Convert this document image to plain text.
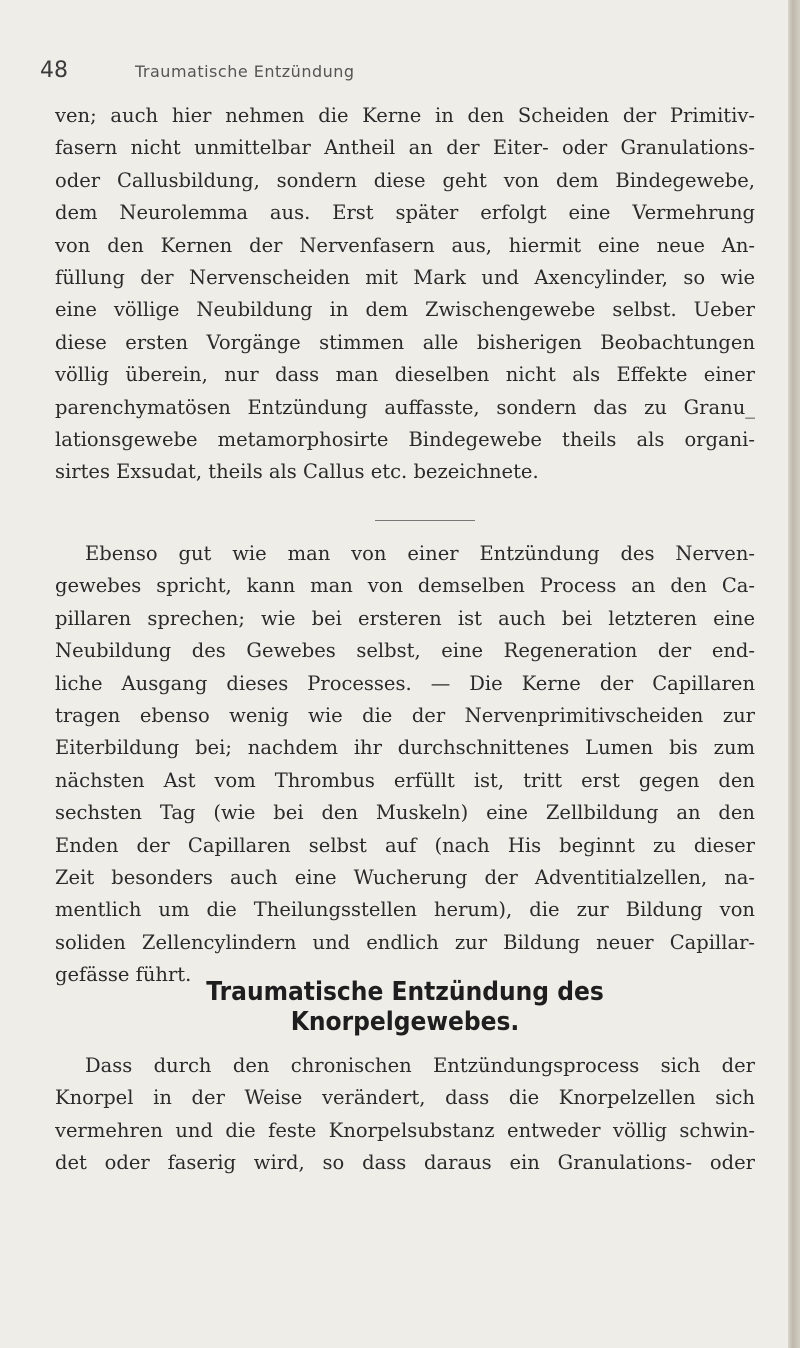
48	Traumatische Entzündung

ven; auch hier nehmen die Kerne in den Scheiden der Primitiv-
fasern nicht unmittelbar Antheil an der Eiter- oder Granulations-
oder Callusbildung, sondern diese geht von dem Bindegewebe,
dem Neurolemma aus. Erst später erfolgt eine Vermehrung
von den Kernen der Nervenfasern aus, hiermit eine neue An-
füllung der Nervenscheiden mit Mark und Axencylinder, so wie
eine völlige Neubildung in dem Zwischengewebe selbst. Ueber
diese ersten Vorgänge stimmen alle bisherigen Beobachtungen
völlig überein, nur dass man dieselben nicht als Effekte einer
parenchymatösen Entzündung auffasste, sondern das zu Granu_
lationsgewebe metamorphosirte Bindegewebe theils als organi-
sirtes Exsudat, theils als Callus etc. bezeichnete.

Ebenso gut wie man von einer Entzündung des Nerven-
gewebes spricht, kann man von demselben Process an den Ca-
pillaren sprechen; wie bei ersteren ist auch bei letzteren eine
Neubildung des Gewebes selbst, eine Regeneration der end-
liche Ausgang dieses Processes. — Die Kerne der Capillaren
tragen ebenso wenig wie die der Nervenprimitivscheiden zur
Eiterbildung bei; nachdem ihr durchschnittenes Lumen bis zum
nächsten Ast vom Thrombus erfüllt ist, tritt erst gegen den
sechsten Tag (wie bei den Muskeln) eine Zellbildung an den
Enden der Capillaren selbst auf (nach His beginnt zu dieser
Zeit besonders auch eine Wucherung der Adventitialzellen, na-
mentlich um die Theilungsstellen herum), die zur Bildung von
soliden Zellencylindern und endlich zur Bildung neuer Capillar-
gefässe führt.

Traumatische Entzündung des Knorpelgewebes.

Dass durch den chronischen Entzündungsprocess sich der
Knorpel in der Weise verändert, dass die Knorpelzellen sich
vermehren und die feste Knorpelsubstanz entweder völlig schwin-
det oder faserig wird, so dass daraus ein Granulations- oder
